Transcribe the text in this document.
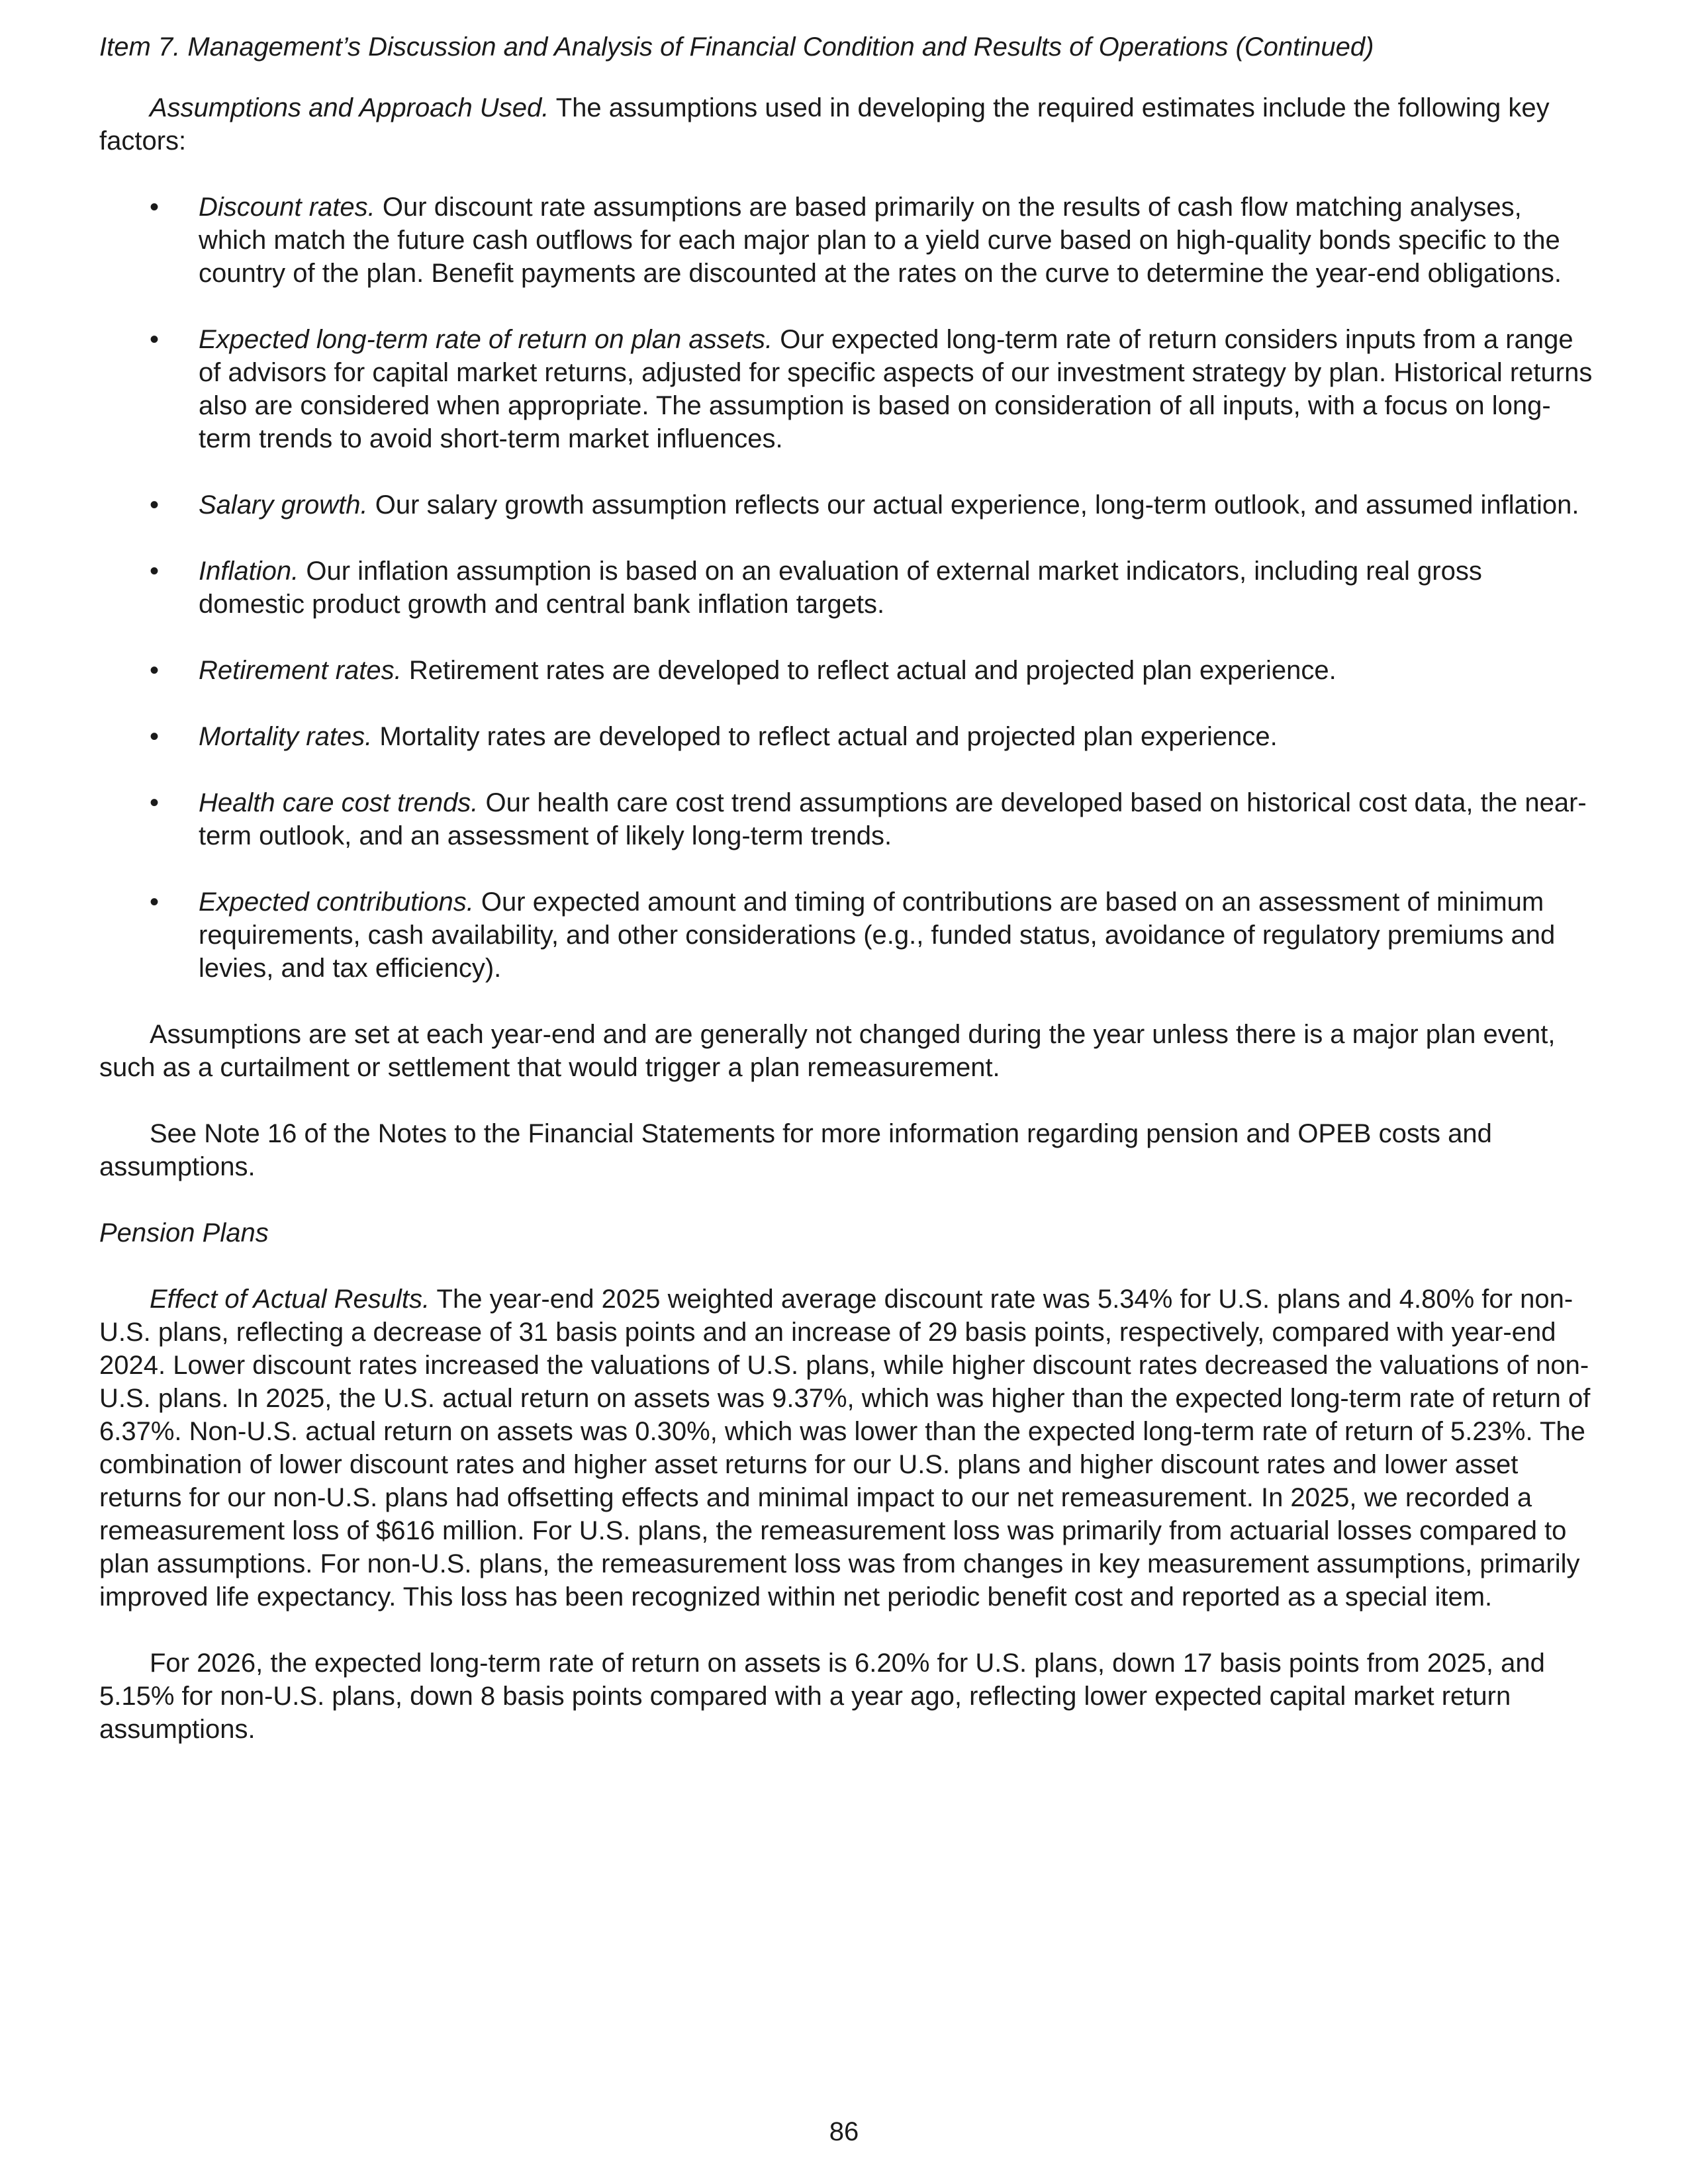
Item 7. Management’s Discussion and Analysis of Financial Condition and Results of Operations (Continued)

Assumptions and Approach Used. The assumptions used in developing the required estimates include the following key factors:

• Discount rates. Our discount rate assumptions are based primarily on the results of cash flow matching analyses, which match the future cash outflows for each major plan to a yield curve based on high-quality bonds specific to the country of the plan. Benefit payments are discounted at the rates on the curve to determine the year-end obligations.
• Expected long-term rate of return on plan assets. Our expected long-term rate of return considers inputs from a range of advisors for capital market returns, adjusted for specific aspects of our investment strategy by plan. Historical returns also are considered when appropriate. The assumption is based on consideration of all inputs, with a focus on long-term trends to avoid short-term market influences.
• Salary growth. Our salary growth assumption reflects our actual experience, long-term outlook, and assumed inflation.
• Inflation. Our inflation assumption is based on an evaluation of external market indicators, including real gross domestic product growth and central bank inflation targets.
• Retirement rates. Retirement rates are developed to reflect actual and projected plan experience.
• Mortality rates. Mortality rates are developed to reflect actual and projected plan experience.
• Health care cost trends. Our health care cost trend assumptions are developed based on historical cost data, the near-term outlook, and an assessment of likely long-term trends.
• Expected contributions. Our expected amount and timing of contributions are based on an assessment of minimum requirements, cash availability, and other considerations (e.g., funded status, avoidance of regulatory premiums and levies, and tax efficiency).

Assumptions are set at each year-end and are generally not changed during the year unless there is a major plan event, such as a curtailment or settlement that would trigger a plan remeasurement.

See Note 16 of the Notes to the Financial Statements for more information regarding pension and OPEB costs and assumptions.

Pension Plans

Effect of Actual Results. The year-end 2025 weighted average discount rate was 5.34% for U.S. plans and 4.80% for non-U.S. plans, reflecting a decrease of 31 basis points and an increase of 29 basis points, respectively, compared with year-end 2024. Lower discount rates increased the valuations of U.S. plans, while higher discount rates decreased the valuations of non-U.S. plans. In 2025, the U.S. actual return on assets was 9.37%, which was higher than the expected long-term rate of return of 6.37%. Non-U.S. actual return on assets was 0.30%, which was lower than the expected long-term rate of return of 5.23%. The combination of lower discount rates and higher asset returns for our U.S. plans and higher discount rates and lower asset returns for our non-U.S. plans had offsetting effects and minimal impact to our net remeasurement. In 2025, we recorded a remeasurement loss of $616 million. For U.S. plans, the remeasurement loss was primarily from actuarial losses compared to plan assumptions. For non-U.S. plans, the remeasurement loss was from changes in key measurement assumptions, primarily improved life expectancy. This loss has been recognized within net periodic benefit cost and reported as a special item.

For 2026, the expected long-term rate of return on assets is 6.20% for U.S. plans, down 17 basis points from 2025, and 5.15% for non-U.S. plans, down 8 basis points compared with a year ago, reflecting lower expected capital market return assumptions.

86
